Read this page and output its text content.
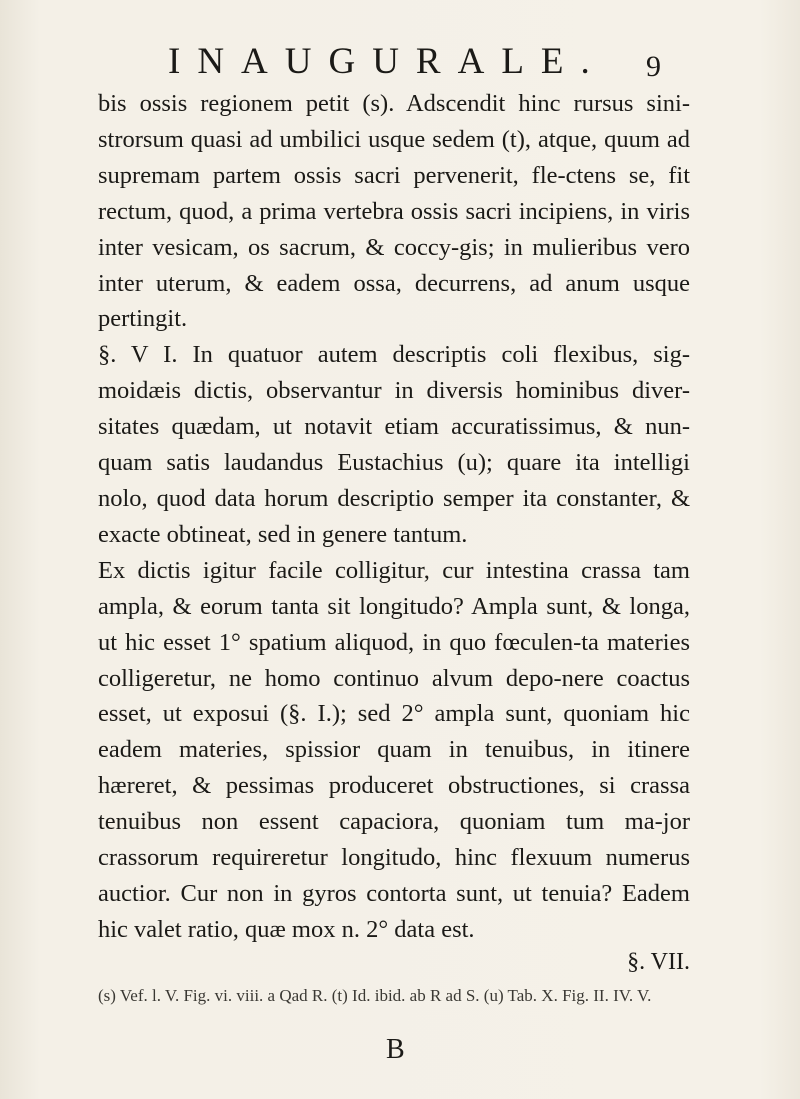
INAUGURALE. 9

bis ossis regionem petit (s). Adscendit hinc rursus sini-strorsum quasi ad umbilici usque sedem (t), atque, quum ad supremam partem ossis sacri pervenerit, fle-ctens se, fit rectum, quod, a prima vertebra ossis sacri incipiens, in viris inter vesicam, os sacrum, & coccy-gis; in mulieribus vero inter uterum, & eadem ossa, decurrens, ad anum usque pertingit.

§. V I. In quatuor autem descriptis coli flexibus, sig-moidæis dictis, observantur in diversis hominibus diver-sitates quædam, ut notavit etiam accuratissimus, & nun-quam satis laudandus Eustachius (u); quare ita intelligi nolo, quod data horum descriptio semper ita constanter, & exacte obtineat, sed in genere tantum.

Ex dictis igitur facile colligitur, cur intestina crassa tam ampla, & eorum tanta sit longitudo? Ampla sunt, & longa, ut hic esset 1° spatium aliquod, in quo fœculen-ta materies colligeretur, ne homo continuo alvum depo-nere coactus esset, ut exposui (§. I.); sed 2° ampla sunt, quoniam hic eadem materies, spissior quam in tenuibus, in itinere hæreret, & pessimas produceret obstructiones, si crassa tenuibus non essent capaciora, quoniam tum ma-jor crassorum requireretur longitudo, hinc flexuum numerus auctior. Cur non in gyros contorta sunt, ut tenuia? Eadem hic valet ratio, quæ mox n. 2° data est.

§. VII.
(s) Vef. l. V. Fig. vi. viii. a Qad R. (t) Id. ibid. ab R ad S. (u) Tab. X. Fig. II. IV. V.
B
